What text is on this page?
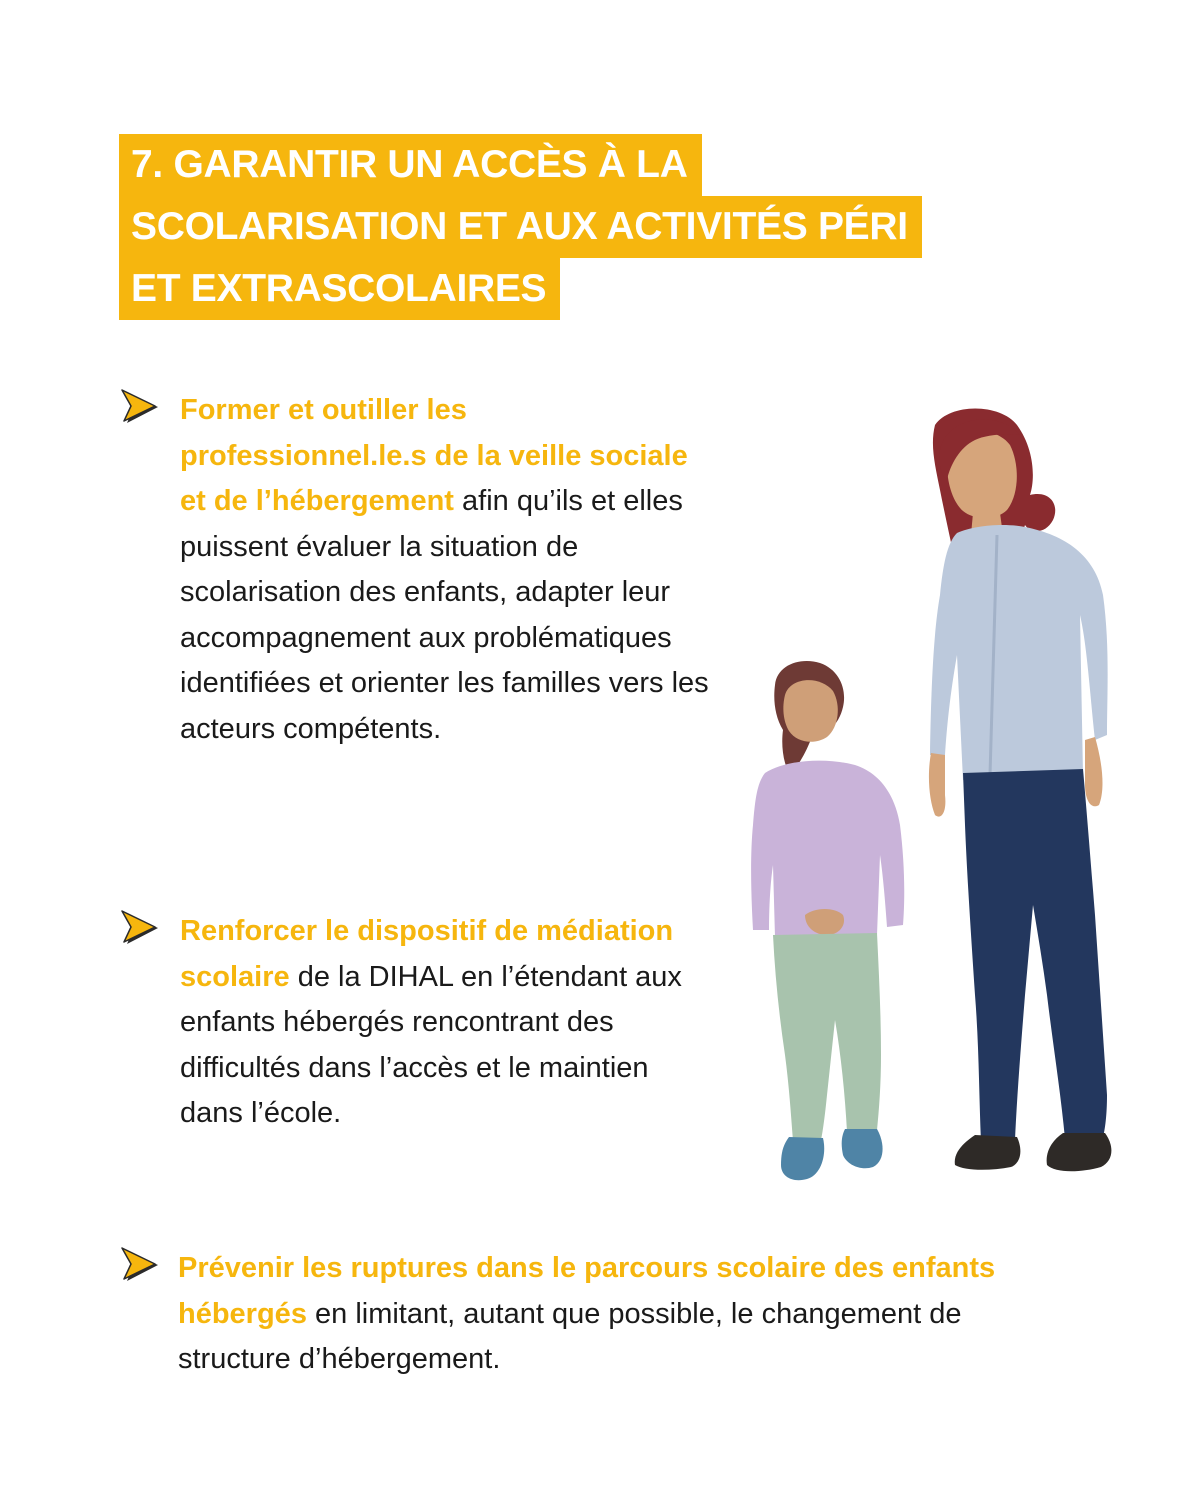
7. GARANTIR UN ACCÈS À LA
SCOLARISATION ET AUX ACTIVITÉS PÉRI
ET EXTRASCOLAIRES
Former et outiller les professionnel.le.s de la veille sociale et de l’hébergement afin qu’ils et elles puissent évaluer la situation de scolarisation des enfants, adapter leur accompagnement aux problématiques identifiées et orienter les familles vers les acteurs compétents.
Renforcer le dispositif de médiation scolaire de la DIHAL en l’étendant aux enfants hébergés rencontrant des difficultés dans l’accès et le maintien dans l’école.
Prévenir les ruptures dans le parcours scolaire des enfants hébergés en limitant, autant que possible, le changement de structure d’hébergement.
